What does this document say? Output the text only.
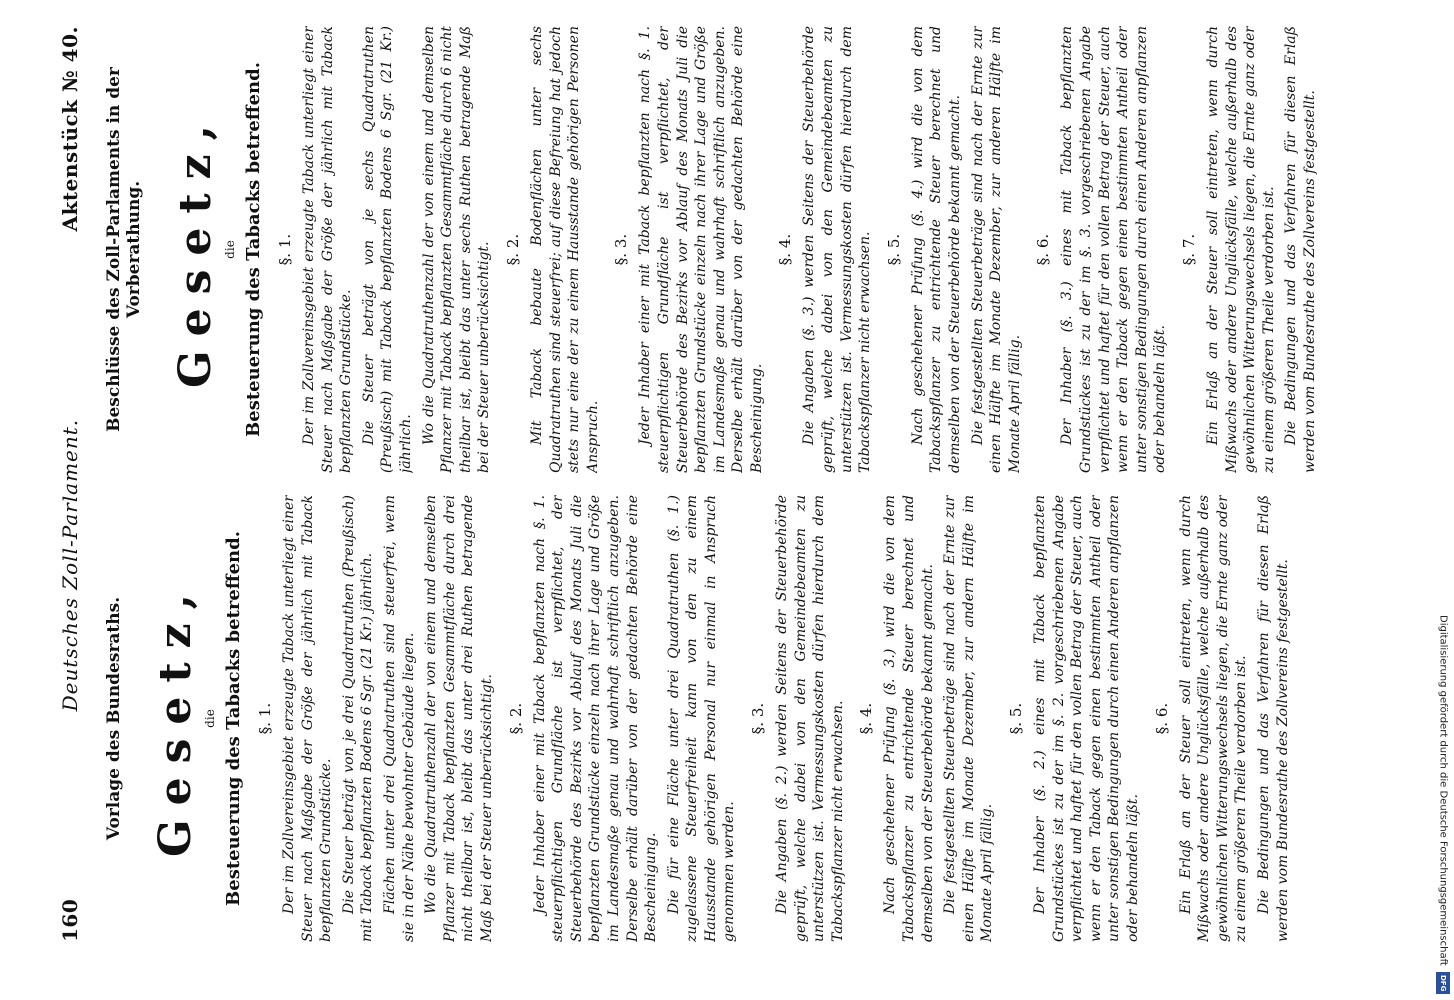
160
Deutsches Zoll-Parlament.
Aktenstück № 40.
Vorlage des Bundesraths. Gesetz, die Besteuerung des Tabacks betreffend. §. 1. Der im Zollvereinsgebiet erzeugte Taback unterliegt einer Steuer nach Maßgabe der Größe der jährlich mit Taback bepflanzten Grundstücke. Die Steuer beträgt von je drei Quadratruthen (Preußisch) mit Taback bepflanzten Bodens 6 Sgr. (21 Kr.) jährlich. Flächen unter drei Quadratruthen sind steuerfrei, wenn sie in der Nähe bewohnter Gebäude liegen. Wo die Quadratruthenzahl der von einem und demselben Pflanzer mit Taback bepflanzten Gesammtfläche durch drei nicht theilbar ist, bleibt das unter drei Ruthen betragende Maß bei der Steuer unberücksichtigt. §. 2. Jeder Inhaber einer mit Taback bepflanzten nach §. 1. steuerpflichtigen Grundfläche ist verpflichtet, der Steuerbehörde des Bezirks vor Ablauf des Monats Juli die bepflanzten Grundstücke einzeln nach ihrer Lage und Größe im Landesmaße genau und wahrhaft schriftlich anzugeben. Derselbe erhält darüber von der gedachten Behörde eine Bescheinigung. Die für eine Fläche unter drei Quadratruthen (§. 1.) zugelassene Steuerfreiheit kann von den zu einem Hausstande gehörigen Personal nur einmal in Anspruch genommen werden.

§. 3. Die Angaben (§. 2.) werden Seitens der Steuerbehörde geprüft, welche dabei von den Gemeindebeamten zu unterstützen ist. Vermessungskosten dürfen hierdurch dem Tabackspflanzer nicht erwachsen. §. 4. Nach geschehener Prüfung (§. 3.) wird die von dem Tabackspflanzer zu entrichtende Steuer berechnet und demselben von der Steuerbehörde bekannt gemacht. Die festgestellten Steuerbeträge sind nach der Ernte zur einen Hälfte im Monate Dezember, zur andern Hälfte im Monate April fällig.

§. 5. Der Inhaber (§. 2.) eines mit Taback bepflanzten Grundstückes ist zu der im §. 2. vorgeschriebenen Angabe verpflichtet und haftet für den vollen Betrag der Steuer, auch wenn er den Taback gegen einen bestimmten Antheil oder unter sonstigen Bedingungen durch einen Anderen anpflanzen oder behandeln läßt.

§. 6. Ein Erlaß an der Steuer soll eintreten, wenn durch Mißwachs oder andere Unglücksfälle, welche außerhalb des gewöhnlichen Witterungswechsels liegen, die Ernte ganz oder zu einem größeren Theile verdorben ist. Die Bedingungen und das Verfahren für diesen Erlaß werden vom Bundesrathe des Zollvereins festgestellt.

Beschlüsse des Zoll-Parlaments in der Vorberathung. Gesetz, die Besteuerung des Tabacks betreffend. §. 1. Der im Zollvereinsgebiet erzeugte Taback unterliegt einer Steuer nach Maßgabe der Größe der jährlich mit Taback bepflanzten Grundstücke. Die Steuer beträgt von je sechs Quadratruthen (Preußisch) mit Taback bepflanzten Bodens 6 Sgr. (21 Kr.) jährlich. Wo die Quadratruthenzahl der von einem und demselben Pflanzer mit Taback bepflanzten Gesammtfläche durch 6 nicht theilbar ist, bleibt das unter sechs Ruthen betragende Maß bei der Steuer unberücksichtigt. §. 2. Mit Taback bebaute Bodenflächen unter sechs Quadratruthen sind steuerfrei; auf diese Befreiung hat jedoch stets nur eine der zu einem Hausstande gehörigen Personen Anspruch.

§. 3. Jeder Inhaber einer mit Taback bepflanzten nach §. 1. steuerpflichtigen Grundfläche ist verpflichtet, der Steuerbehörde des Bezirks vor Ablauf des Monats Juli die bepflanzten Grundstücke einzeln nach ihrer Lage und Größe im Landesmaße genau und wahrhaft schriftlich anzugeben. Derselbe erhält darüber von der gedachten Behörde eine Bescheinigung.

§. 4. Die Angaben (§. 3.) werden Seitens der Steuerbehörde geprüft, welche dabei von den Gemeindebeamten zu unterstützen ist. Vermessungskosten dürfen hierdurch dem Tabackspflanzer nicht erwachsen. §. 5. Nach geschehener Prüfung (§. 4.) wird die von dem Tabackspflanzer zu entrichtende Steuer berechnet und demselben von der Steuerbehörde bekannt gemacht. Die festgestellten Steuerbeträge sind nach der Ernte zur einen Hälfte im Monate Dezember, zur anderen Hälfte im Monate April fällig.

§. 6. Der Inhaber (§. 3.) eines mit Taback bepflanzten Grundstückes ist zu der im §. 3. vorgeschriebenen Angabe verpflichtet und haftet für den vollen Betrag der Steuer, auch wenn er den Taback gegen einen bestimmten Antheil oder unter sonstigen Bedingungen durch einen Anderen anpflanzen oder behandeln läßt.

§. 7. Ein Erlaß an der Steuer soll eintreten, wenn durch Mißwachs oder andere Unglücksfälle, welche außerhalb des gewöhnlichen Witterungswechsels liegen, die Ernte ganz oder zu einem größeren Theile verdorben ist. Die Bedingungen und das Verfahren für diesen Erlaß werden vom Bundesrathe des Zollvereins festgestellt.

Digitalisierung gefördert durch die Deutsche Forschungsgemeinschaft
DFG
